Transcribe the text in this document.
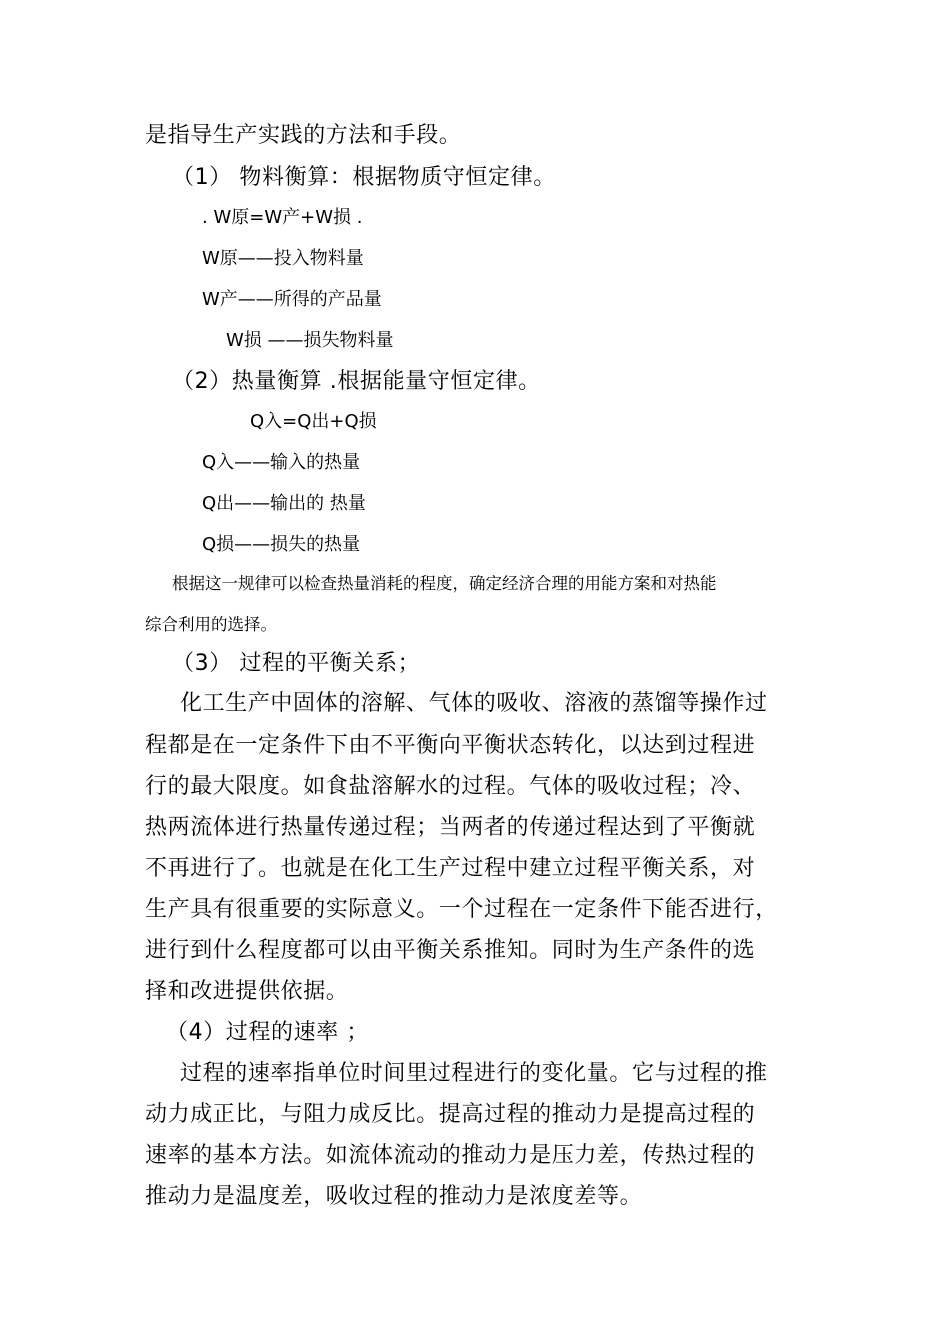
是指导生产实践的方法和手段。
（1） 物料衡算：根据物质守恒定律。
. W原=W产+W损 .
W原——投入物料量
W产——所得的产品量
W损 ——损失物料量
（2）热量衡算 .根据能量守恒定律。
Q入=Q出+Q损
Q入——输入的热量
Q出——输出的 热量
Q损——损失的热量
根据这一规律可以检查热量消耗的程度，确定经济合理的用能方案和对热能
综合利用的选择。
（3） 过程的平衡关系；
化工生产中固体的溶解、气体的吸收、溶液的蒸馏等操作过
程都是在一定条件下由不平衡向平衡状态转化，以达到过程进
行的最大限度。如食盐溶解水的过程。气体的吸收过程；冷、
热两流体进行热量传递过程；当两者的传递过程达到了平衡就
不再进行了。也就是在化工生产过程中建立过程平衡关系，对
生产具有很重要的实际意义。一个过程在一定条件下能否进行，
进行到什么程度都可以由平衡关系推知。同时为生产条件的选
择和改进提供依据。
（4）过程的速率 ；
过程的速率指单位时间里过程进行的变化量。它与过程的推
动力成正比，与阻力成反比。提高过程的推动力是提高过程的
速率的基本方法。如流体流动的推动力是压力差，传热过程的
推动力是温度差，吸收过程的推动力是浓度差等。
